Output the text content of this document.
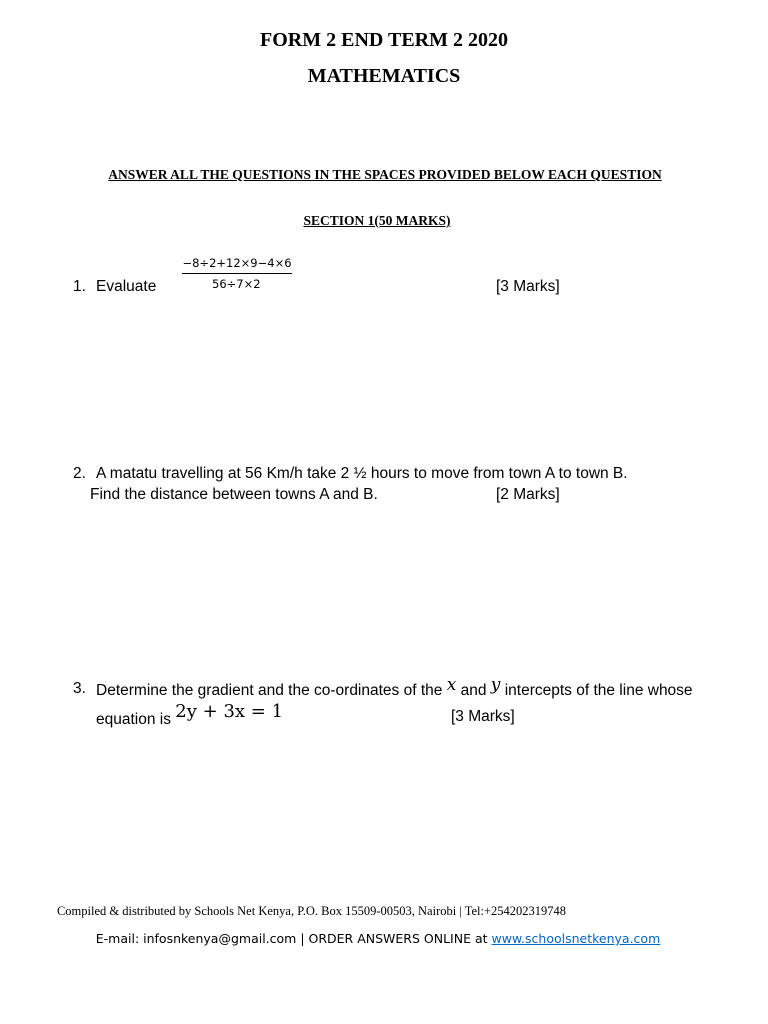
FORM 2 END TERM 2 2020
MATHEMATICS
ANSWER ALL THE QUESTIONS IN THE SPACES PROVIDED BELOW EACH QUESTION
SECTION 1(50 MARKS)
1. Evaluate
−8÷2+12×9−4×6
56÷7×2	[3 Marks]
2. A matatu travelling at 56 Km/h take 2 ½ hours to move from town A to town B.
Find the distance between towns A and B.	[2 Marks]
3. Determine the gradient and the co-ordinates of the x and y intercepts of the line whose
equation is 2y + 3x = 1	[3 Marks]
Compiled & distributed by Schools Net Kenya, P.O. Box 15509-00503, Nairobi | Tel:+254202319748
E-mail: infosnkenya@gmail.com | ORDER ANSWERS ONLINE at www.schoolsnetkenya.com
